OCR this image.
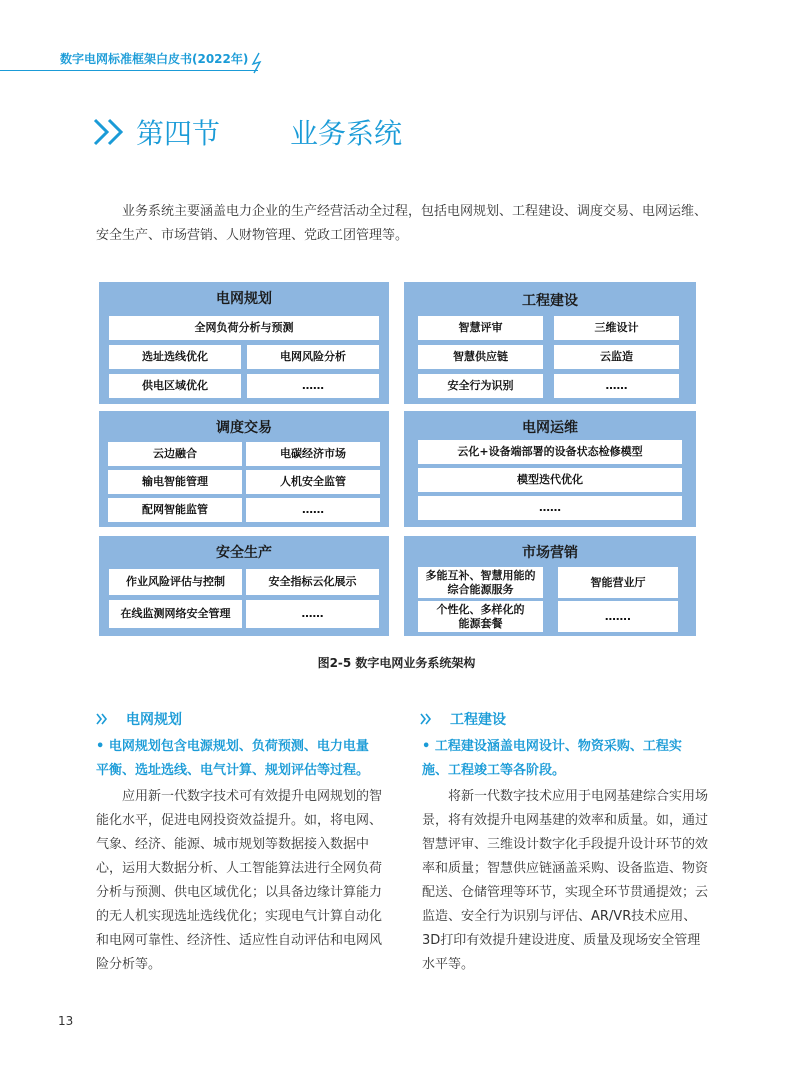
数字电网标准框架白皮书(2022年)
第四节	业务系统

业务系统主要涵盖电力企业的生产经营活动全过程，包括电网规划、工程建设、调度交易、电网运维、安全生产、市场营销、人财物管理、党政工团管理等。

电网规划
全网负荷分析与预测
选址选线优化	电网风险分析
供电区域优化	……
工程建设
智慧评审	三维设计
智慧供应链	云监造
安全行为识别	……
调度交易
云边融合	电碳经济市场
输电智能管理	人机安全监管
配网智能监管	……
电网运维
云化+设备端部署的设备状态检修模型
模型迭代优化
……
安全生产
作业风险评估与控制	安全指标云化展示
在线监测网络安全管理	……
市场营销
多能互补、智慧用能的综合能源服务
智能营业厅
个性化、多样化的能源套餐
…….
图2-5 数字电网业务系统架构
电网规划

• 电网规划包含电源规划、负荷预测、电力电量平衡、选址选线、电气计算、规划评估等过程。

应用新一代数字技术可有效提升电网规划的智能化水平，促进电网投资效益提升。如，将电网、气象、经济、能源、城市规划等数据接入数据中心，运用大数据分析、人工智能算法进行全网负荷分析与预测、供电区域优化；以具备边缘计算能力的无人机实现选址选线优化；实现电气计算自动化和电网可靠性、经济性、适应性自动评估和电网风险分析等。

工程建设

• 工程建设涵盖电网设计、物资采购、工程实施、工程竣工等各阶段。

将新一代数字技术应用于电网基建综合实用场景，将有效提升电网基建的效率和质量。如，通过智慧评审、三维设计数字化手段提升设计环节的效率和质量；智慧供应链涵盖采购、设备监造、物资配送、仓储管理等环节，实现全环节贯通提效；云监造、安全行为识别与评估、AR/VR技术应用、3D打印有效提升建设进度、质量及现场安全管理水平等。

13
